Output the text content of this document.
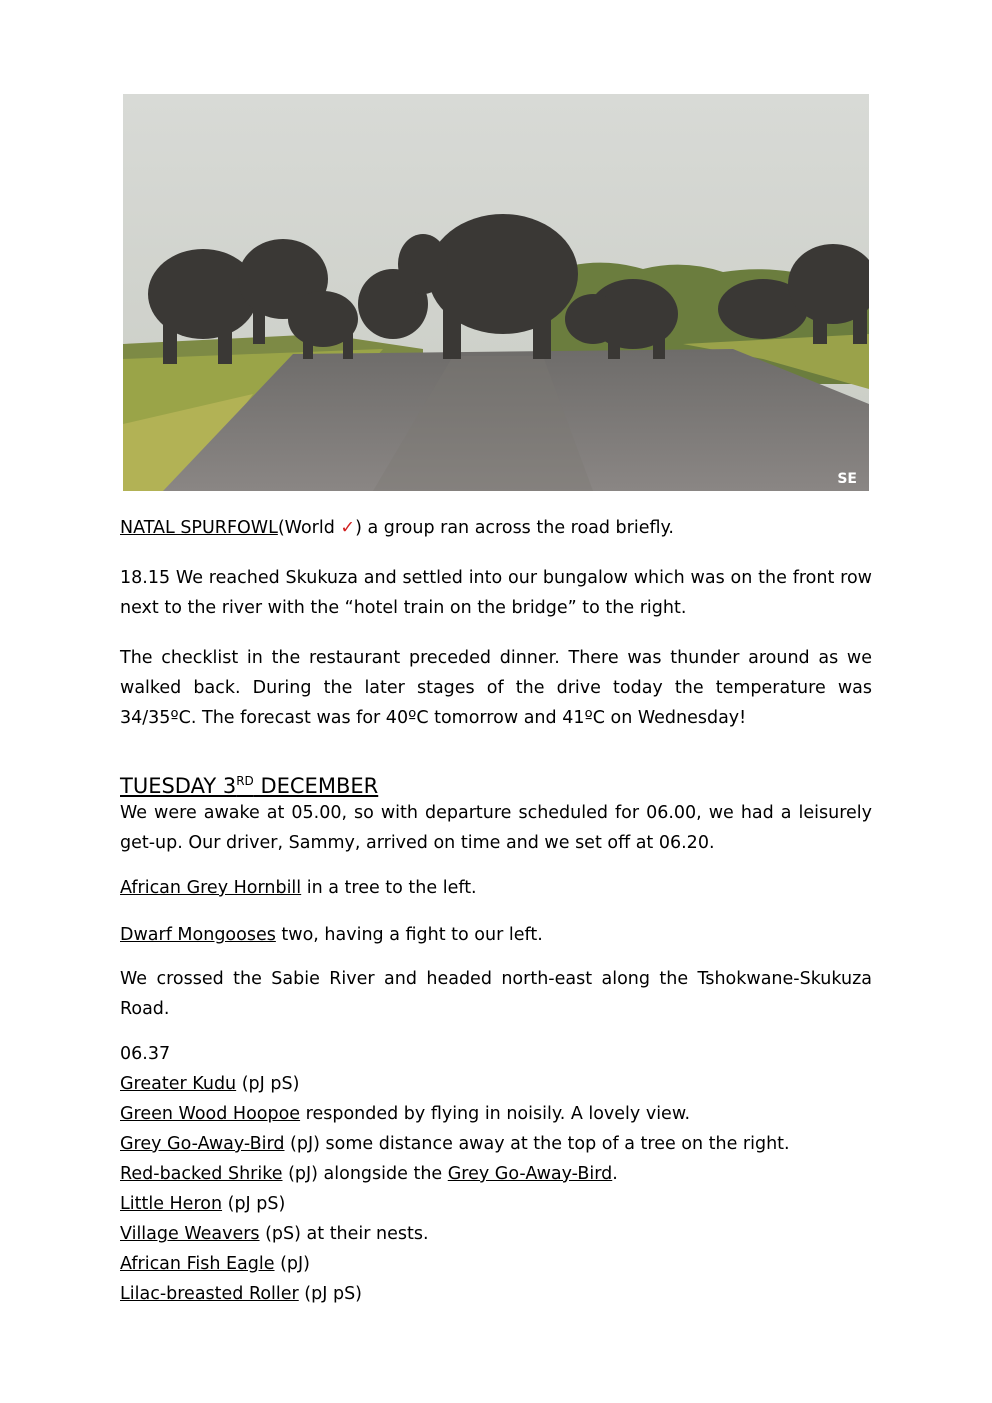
SE
NATAL SPURFOWL(World ✓) a group ran across the road briefly.
18.15 We reached Skukuza and settled into our bungalow which was on the front row next to the river with the “hotel train on the bridge” to the right.
The checklist in the restaurant preceded dinner. There was thunder around as we walked back. During the later stages of the drive today the temperature was 34/35ºC. The forecast was for 40ºC tomorrow and 41ºC on Wednesday!
TUESDAY 3RD DECEMBER
We were awake at 05.00, so with departure scheduled for 06.00, we had a leisurely get-up. Our driver, Sammy, arrived on time and we set off at 06.20.
African Grey Hornbill in a tree to the left.
Dwarf Mongooses two, having a fight to our left.
We crossed the Sabie River and headed north-east along the Tshokwane-Skukuza Road.
06.37
Greater Kudu (pJ pS)
Green Wood Hoopoe responded by flying in noisily. A lovely view.
Grey Go-Away-Bird (pJ) some distance away at the top of a tree on the right.
Red-backed Shrike (pJ) alongside the Grey Go-Away-Bird.
Little Heron (pJ pS)
Village Weavers (pS) at their nests.
African Fish Eagle (pJ)
Lilac-breasted Roller (pJ pS)
